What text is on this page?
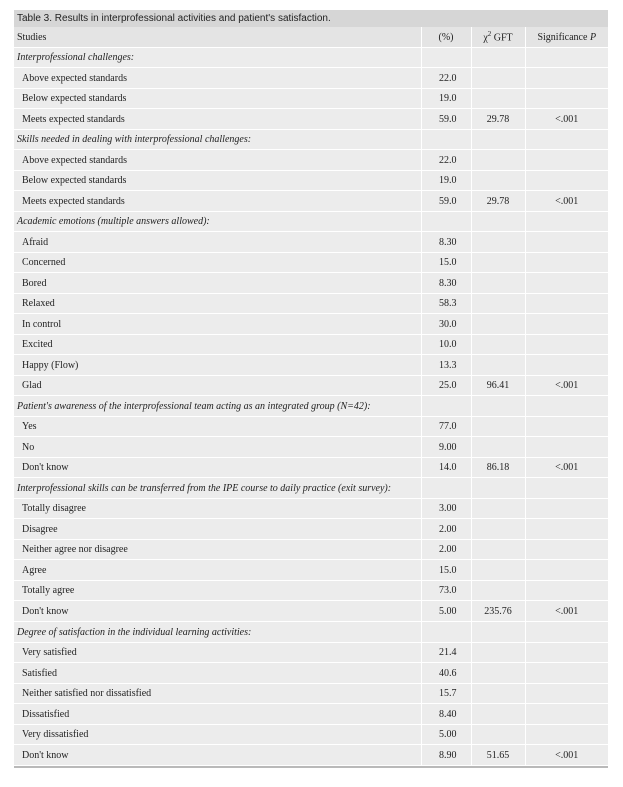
Table 3. Results in interprofessional activities and patient's satisfaction.
Studies	(%)	$\chi^2$ GFT	Significance P
Interprofessional challenges:			
Above expected standards	22.0		
Below expected standards	19.0		
Meets expected standards	59.0	29.78	<.001
Skills needed in dealing with interprofessional challenges:			
Above expected standards	22.0		
Below expected standards	19.0		
Meets expected standards	59.0	29.78	<.001
Academic emotions (multiple answers allowed):			
Afraid	8.30		
Concerned	15.0		
Bored	8.30		
Relaxed	58.3		
In control	30.0		
Excited	10.0		
Happy (Flow)	13.3		
Glad	25.0	96.41	<.001
Patient's awareness of the interprofessional team acting as an integrated group (N=42):			
Yes	77.0		
No	9.00		
Don't know	14.0	86.18	<.001
Interprofessional skills can be transferred from the IPE course to daily practice (exit survey):			
Totally disagree	3.00		
Disagree	2.00		
Neither agree nor disagree	2.00		
Agree	15.0		
Totally agree	73.0		
Don't know	5.00	235.76	<.001
Degree of satisfaction in the individual learning activities:			
Very satisfied	21.4		
Satisfied	40.6		
Neither satisfied nor dissatisfied	15.7		
Dissatisfied	8.40		
Very dissatisfied	5.00		
Don't know	8.90	51.65	<.001
